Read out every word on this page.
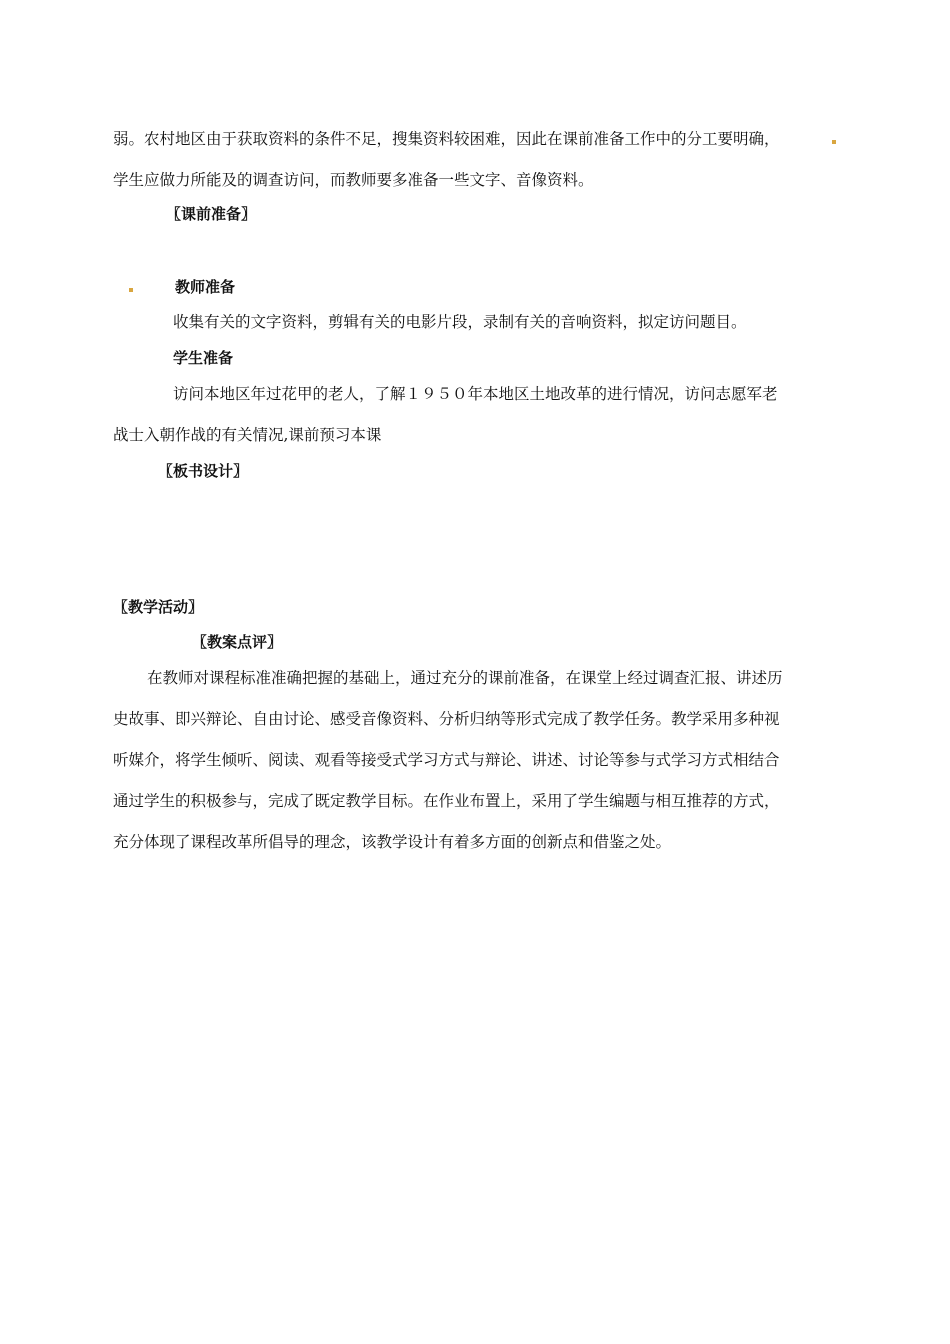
弱。农村地区由于获取资料的条件不足，搜集资料较困难，因此在课前准备工作中的分工要明确，
学生应做力所能及的调查访问，而教师要多准备一些文字、音像资料。
〖课前准备〗
教师准备
收集有关的文字资料，剪辑有关的电影片段，录制有关的音响资料，拟定访问题目。
学生准备
访问本地区年过花甲的老人，了解１９５０年本地区土地改革的进行情况，访问志愿军老
战士入朝作战的有关情况,课前预习本课
〖板书设计〗
〖教学活动〗
〖教案点评〗
在教师对课程标准准确把握的基础上，通过充分的课前准备，在课堂上经过调查汇报、讲述历
史故事、即兴辩论、自由讨论、感受音像资料、分析归纳等形式完成了教学任务。教学采用多种视
听媒介，将学生倾听、阅读、观看等接受式学习方式与辩论、讲述、讨论等参与式学习方式相结合
通过学生的积极参与，完成了既定教学目标。在作业布置上，采用了学生编题与相互推荐的方式，
充分体现了课程改革所倡导的理念，该教学设计有着多方面的创新点和借鉴之处。
